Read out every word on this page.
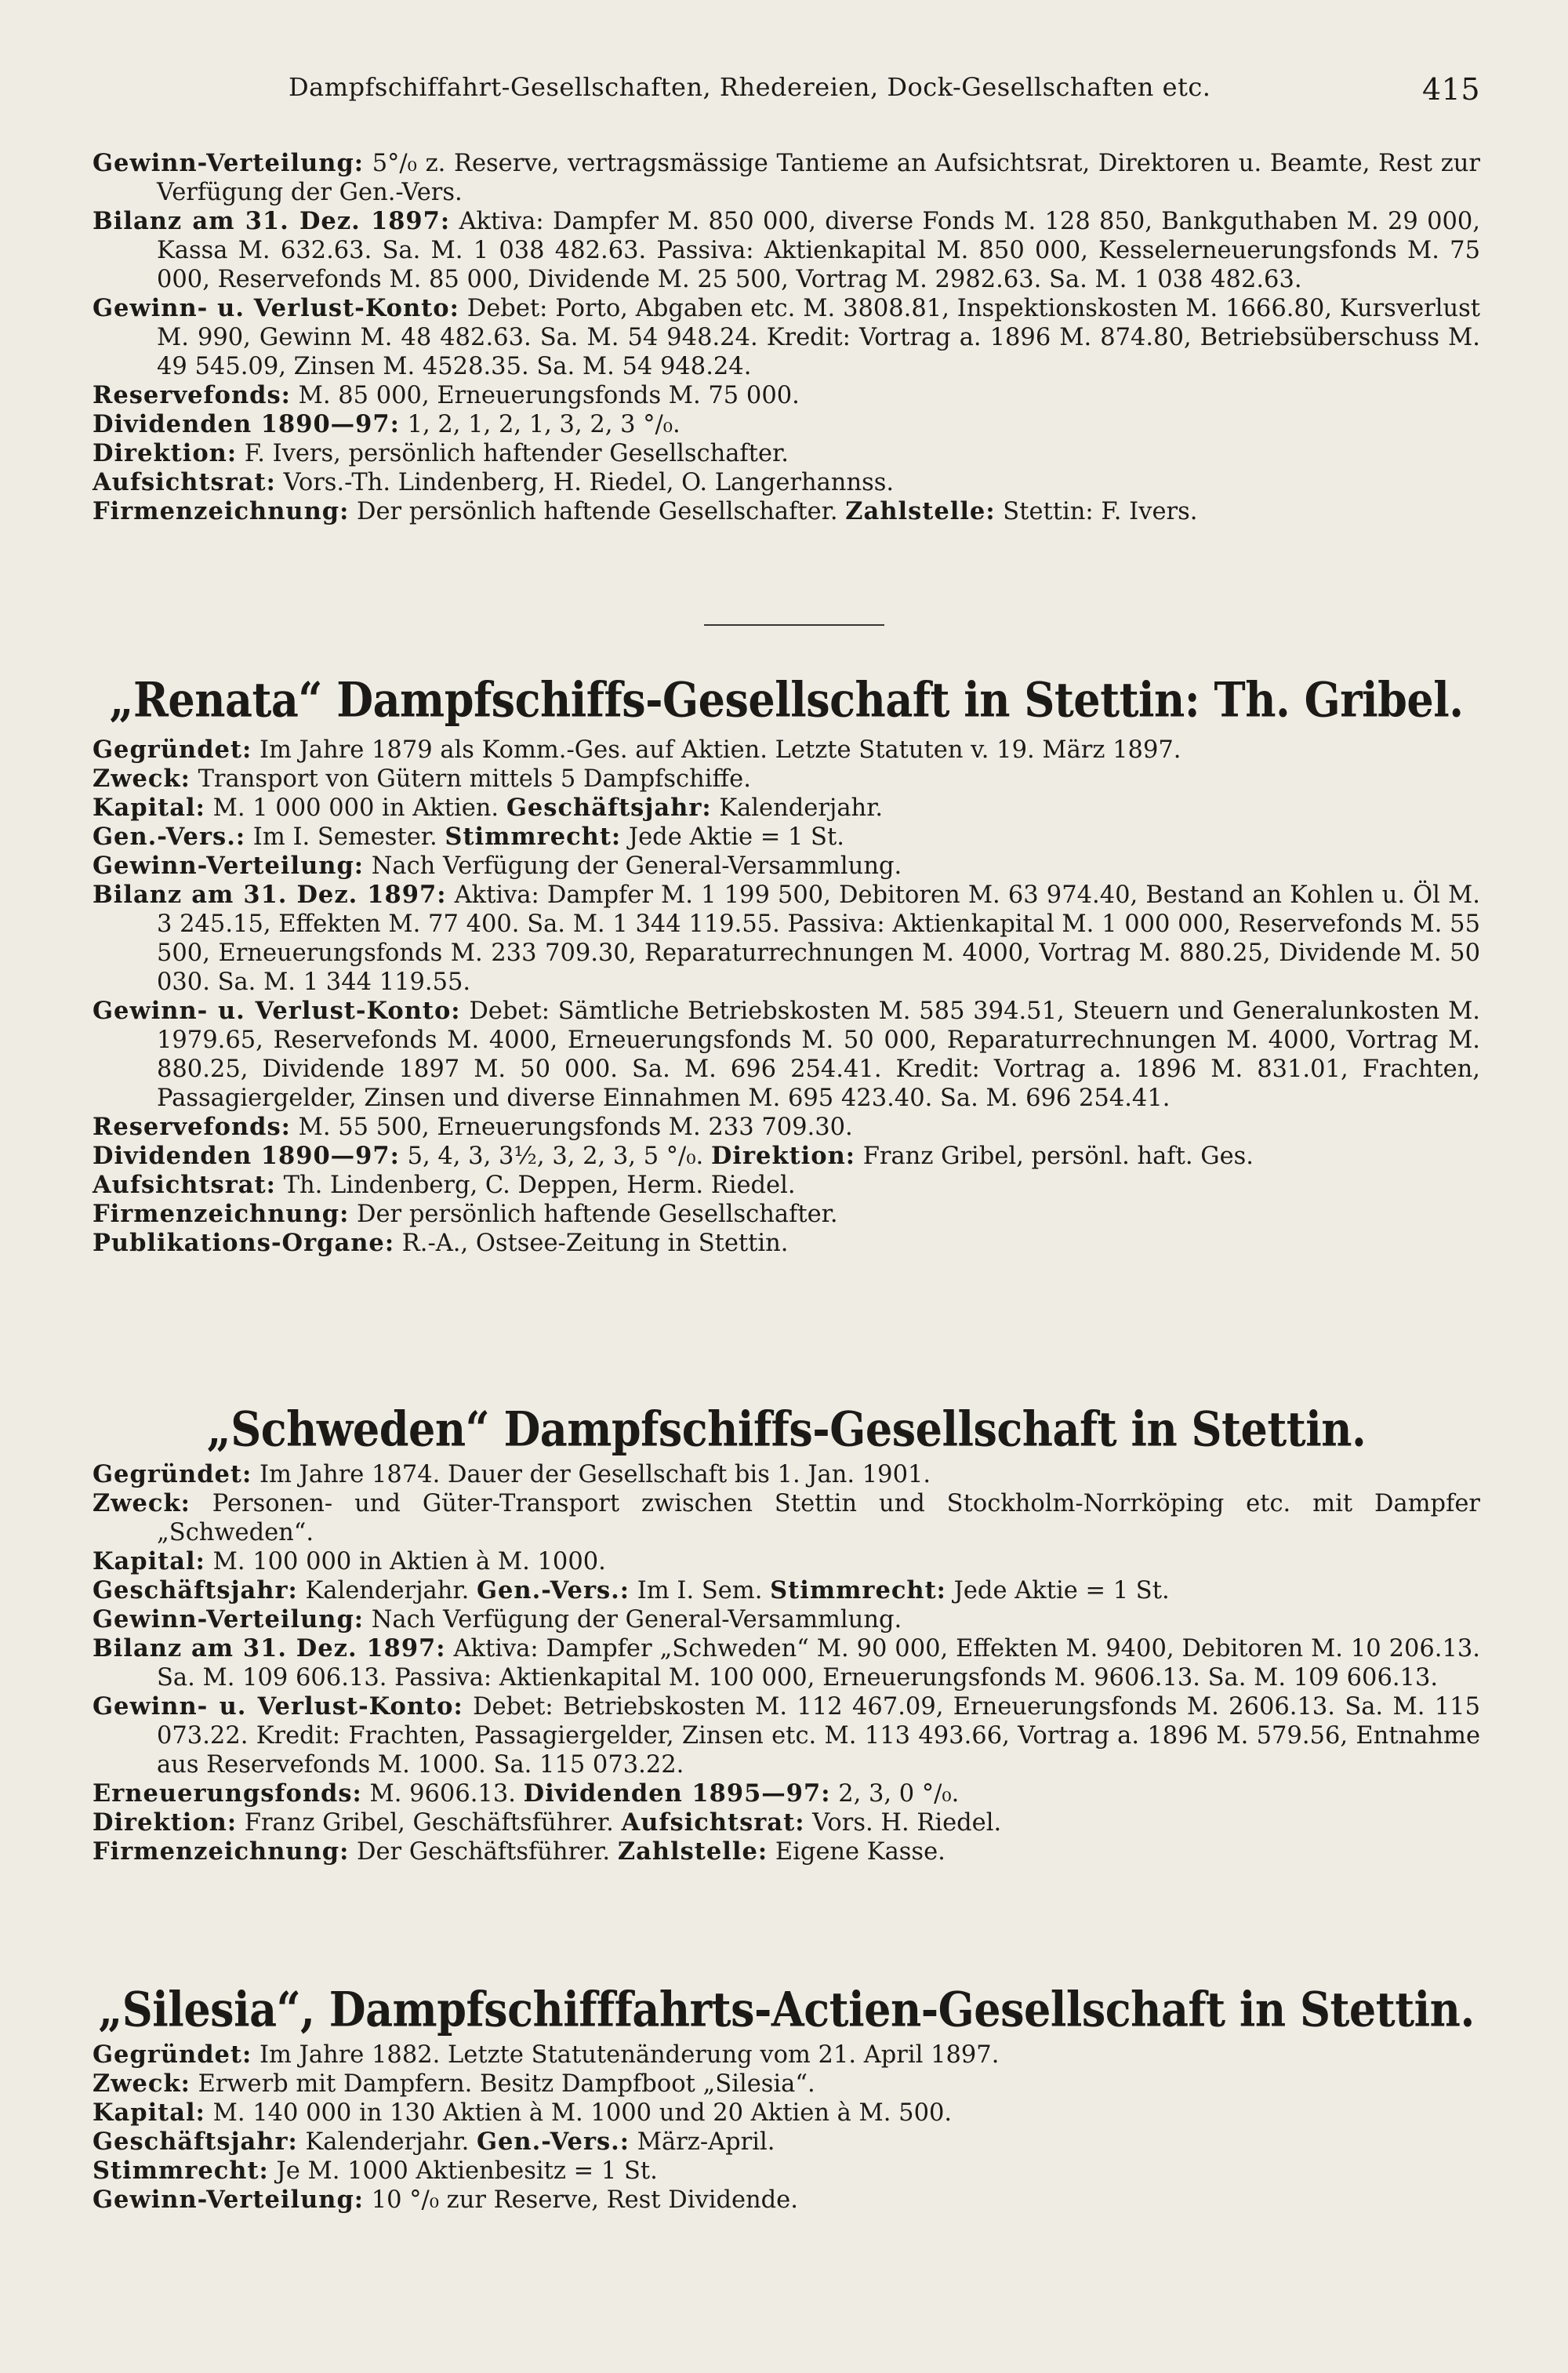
Dampfschiffahrt-Gesellschaften, Rhedereien, Dock-Gesellschaften etc.	415
Gewinn-Verteilung: 5°/₀ z. Reserve, vertragsmässige Tantieme an Aufsichtsrat, Direktoren u. Beamte, Rest zur Verfügung der Gen.-Vers.
Bilanz am 31. Dez. 1897: Aktiva: Dampfer M. 850 000, diverse Fonds M. 128 850, Bankguthaben M. 29 000, Kassa M. 632.63. Sa. M. 1 038 482.63. Passiva: Aktienkapital M. 850 000, Kesselerneuerungsfonds M. 75 000, Reservefonds M. 85 000, Dividende M. 25 500, Vortrag M. 2982.63. Sa. M. 1 038 482.63.
Gewinn- u. Verlust-Konto: Debet: Porto, Abgaben etc. M. 3808.81, Inspektionskosten M. 1666.80, Kursverlust M. 990, Gewinn M. 48 482.63. Sa. M. 54 948.24. Kredit: Vortrag a. 1896 M. 874.80, Betriebsüberschuss M. 49 545.09, Zinsen M. 4528.35. Sa. M. 54 948.24.
Reservefonds: M. 85 000, Erneuerungsfonds M. 75 000.
Dividenden 1890—97: 1, 2, 1, 2, 1, 3, 2, 3 °/₀.
Direktion: F. Ivers, persönlich haftender Gesellschafter.
Aufsichtsrat: Vors.-Th. Lindenberg, H. Riedel, O. Langerhannss.
Firmenzeichnung: Der persönlich haftende Gesellschafter. Zahlstelle: Stettin: F. Ivers.
„Renata“ Dampfschiffs-Gesellschaft in Stettin: Th. Gribel.
Gegründet: Im Jahre 1879 als Komm.-Ges. auf Aktien. Letzte Statuten v. 19. März 1897.
Zweck: Transport von Gütern mittels 5 Dampfschiffe.
Kapital: M. 1 000 000 in Aktien. Geschäftsjahr: Kalenderjahr.
Gen.-Vers.: Im I. Semester. Stimmrecht: Jede Aktie = 1 St.
Gewinn-Verteilung: Nach Verfügung der General-Versammlung.
Bilanz am 31. Dez. 1897: Aktiva: Dampfer M. 1 199 500, Debitoren M. 63 974.40, Bestand an Kohlen u. Öl M. 3 245.15, Effekten M. 77 400. Sa. M. 1 344 119.55. Passiva: Aktienkapital M. 1 000 000, Reservefonds M. 55 500, Erneuerungsfonds M. 233 709.30, Reparaturrechnungen M. 4000, Vortrag M. 880.25, Dividende M. 50 030. Sa. M. 1 344 119.55.
Gewinn- u. Verlust-Konto: Debet: Sämtliche Betriebskosten M. 585 394.51, Steuern und Generalunkosten M. 1979.65, Reservefonds M. 4000, Erneuerungsfonds M. 50 000, Reparaturrechnungen M. 4000, Vortrag M. 880.25, Dividende 1897 M. 50 000. Sa. M. 696 254.41. Kredit: Vortrag a. 1896 M. 831.01, Frachten, Passagiergelder, Zinsen und diverse Einnahmen M. 695 423.40. Sa. M. 696 254.41.
Reservefonds: M. 55 500, Erneuerungsfonds M. 233 709.30.
Dividenden 1890—97: 5, 4, 3, 3½, 3, 2, 3, 5 °/₀. Direktion: Franz Gribel, persönl. haft. Ges.
Aufsichtsrat: Th. Lindenberg, C. Deppen, Herm. Riedel.
Firmenzeichnung: Der persönlich haftende Gesellschafter.
Publikations-Organe: R.-A., Ostsee-Zeitung in Stettin.
„Schweden“ Dampfschiffs-Gesellschaft in Stettin.
Gegründet: Im Jahre 1874. Dauer der Gesellschaft bis 1. Jan. 1901.
Zweck: Personen- und Güter-Transport zwischen Stettin und Stockholm-Norrköping etc. mit Dampfer „Schweden“.
Kapital: M. 100 000 in Aktien à M. 1000.
Geschäftsjahr: Kalenderjahr. Gen.-Vers.: Im I. Sem. Stimmrecht: Jede Aktie = 1 St.
Gewinn-Verteilung: Nach Verfügung der General-Versammlung.
Bilanz am 31. Dez. 1897: Aktiva: Dampfer „Schweden“ M. 90 000, Effekten M. 9400, Debitoren M. 10 206.13. Sa. M. 109 606.13. Passiva: Aktienkapital M. 100 000, Erneuerungsfonds M. 9606.13. Sa. M. 109 606.13.
Gewinn- u. Verlust-Konto: Debet: Betriebskosten M. 112 467.09, Erneuerungsfonds M. 2606.13. Sa. M. 115 073.22. Kredit: Frachten, Passagiergelder, Zinsen etc. M. 113 493.66, Vortrag a. 1896 M. 579.56, Entnahme aus Reservefonds M. 1000. Sa. 115 073.22.
Erneuerungsfonds: M. 9606.13. Dividenden 1895—97: 2, 3, 0 °/₀.
Direktion: Franz Gribel, Geschäftsführer. Aufsichtsrat: Vors. H. Riedel.
Firmenzeichnung: Der Geschäftsführer. Zahlstelle: Eigene Kasse.
„Silesia“, Dampfschifffahrts-Actien-Gesellschaft in Stettin.
Gegründet: Im Jahre 1882. Letzte Statutenänderung vom 21. April 1897.
Zweck: Erwerb mit Dampfern. Besitz Dampfboot „Silesia“.
Kapital: M. 140 000 in 130 Aktien à M. 1000 und 20 Aktien à M. 500.
Geschäftsjahr: Kalenderjahr. Gen.-Vers.: März-April.
Stimmrecht: Je M. 1000 Aktienbesitz = 1 St.
Gewinn-Verteilung: 10 °/₀ zur Reserve, Rest Dividende.
